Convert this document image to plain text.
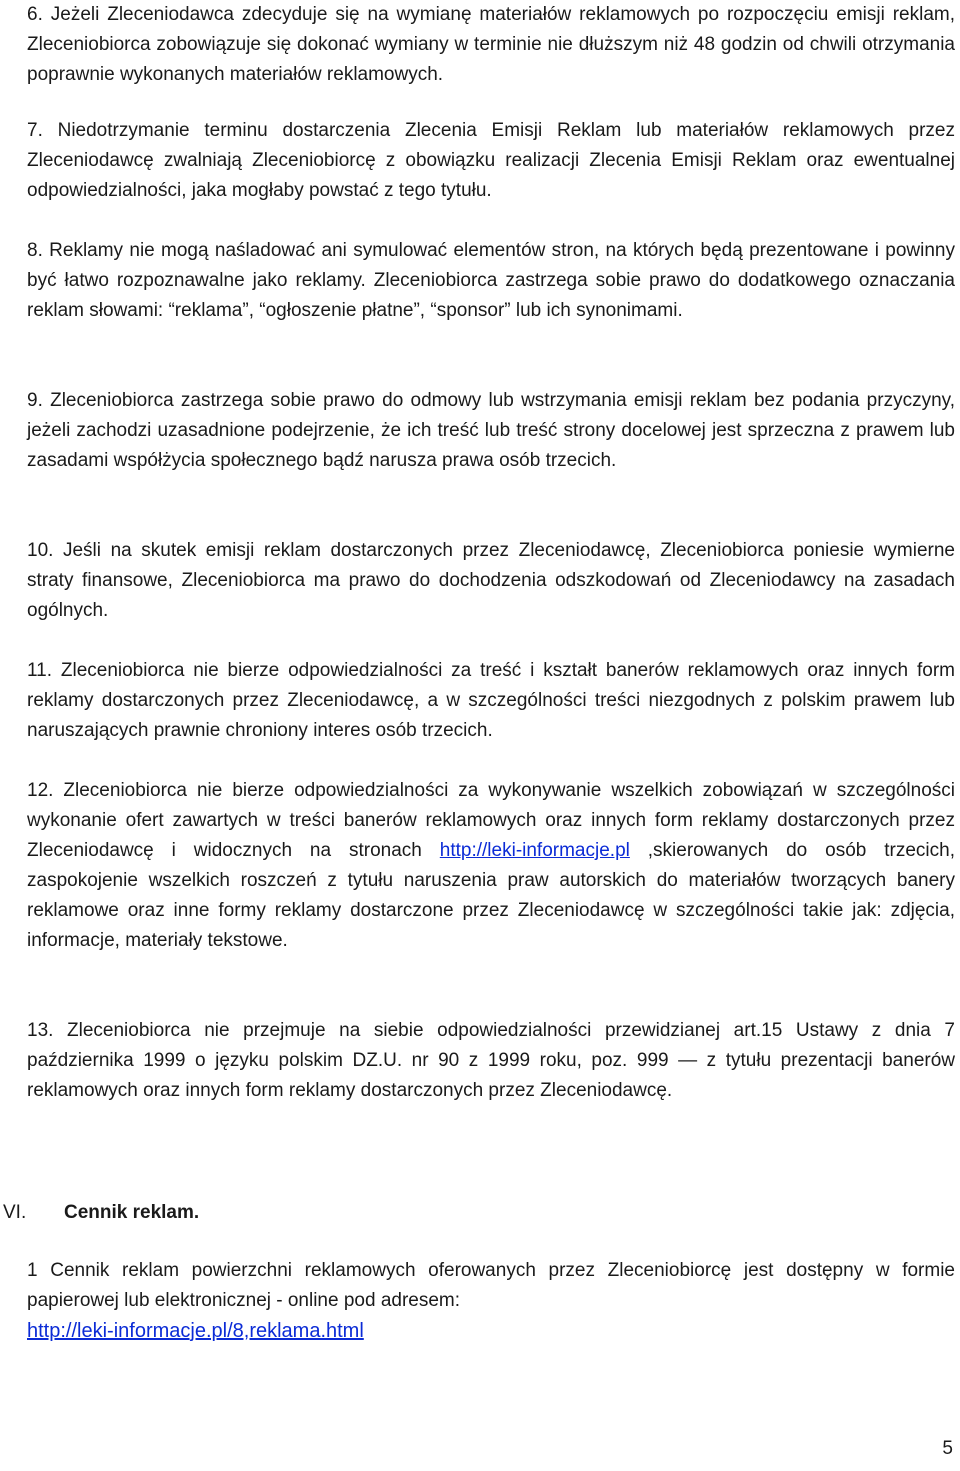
6. Jeżeli Zleceniodawca zdecyduje się na wymianę materiałów reklamowych po rozpoczęciu emisji reklam, Zleceniobiorca zobowiązuje się dokonać wymiany w terminie nie dłuższym niż 48 godzin od chwili otrzymania poprawnie wykonanych materiałów reklamowych.

7. Niedotrzymanie terminu dostarczenia Zlecenia Emisji Reklam lub materiałów reklamowych przez Zleceniodawcę zwalniają Zleceniobiorcę z obowiązku realizacji Zlecenia Emisji Reklam oraz ewentualnej odpowiedzialności, jaka mogłaby powstać z tego tytułu.

8. Reklamy nie mogą naśladować ani symulować elementów stron, na których będą prezentowane i powinny być łatwo rozpoznawalne jako reklamy. Zleceniobiorca zastrzega sobie prawo do dodatkowego oznaczania reklam słowami: “reklama”, “ogłoszenie płatne”, “sponsor” lub ich synonimami.

9. Zleceniobiorca zastrzega sobie prawo do odmowy lub wstrzymania emisji reklam bez podania przyczyny, jeżeli zachodzi uzasadnione podejrzenie, że ich treść lub treść strony docelowej jest sprzeczna z prawem lub zasadami współżycia społecznego bądź narusza prawa osób trzecich.

10. Jeśli na skutek emisji reklam dostarczonych przez Zleceniodawcę, Zleceniobiorca poniesie wymierne straty finansowe, Zleceniobiorca ma prawo do dochodzenia odszkodowań od Zleceniodawcy na zasadach ogólnych.

11. Zleceniobiorca nie bierze odpowiedzialności za treść i kształt banerów reklamowych oraz innych form reklamy dostarczonych przez Zleceniodawcę, a w szczególności treści niezgodnych z polskim prawem lub naruszających prawnie chroniony interes osób trzecich.

12. Zleceniobiorca nie bierze odpowiedzialności za wykonywanie wszelkich zobowiązań w szczególności wykonanie ofert zawartych w treści banerów reklamowych oraz innych form reklamy dostarczonych przez Zleceniodawcę i widocznych na stronach http://leki-informacje.pl ,skierowanych do osób trzecich, zaspokojenie wszelkich roszczeń z tytułu naruszenia praw autorskich do materiałów tworzących banery reklamowe oraz inne formy reklamy dostarczone przez Zleceniodawcę w szczególności takie jak: zdjęcia, informacje, materiały tekstowe.

13. Zleceniobiorca nie przejmuje na siebie odpowiedzialności przewidzianej art.15 Ustawy z dnia 7 października 1999 o języku polskim DZ.U. nr 90 z 1999 roku, poz. 999 — z tytułu prezentacji banerów reklamowych oraz innych form reklamy dostarczonych przez Zleceniodawcę.

VI.	Cennik reklam.

1 Cennik reklam powierzchni reklamowych oferowanych przez Zleceniobiorcę jest dostępny w formie papierowej lub elektronicznej - online pod adresem:

http://leki-informacje.pl/8,reklama.html
5
